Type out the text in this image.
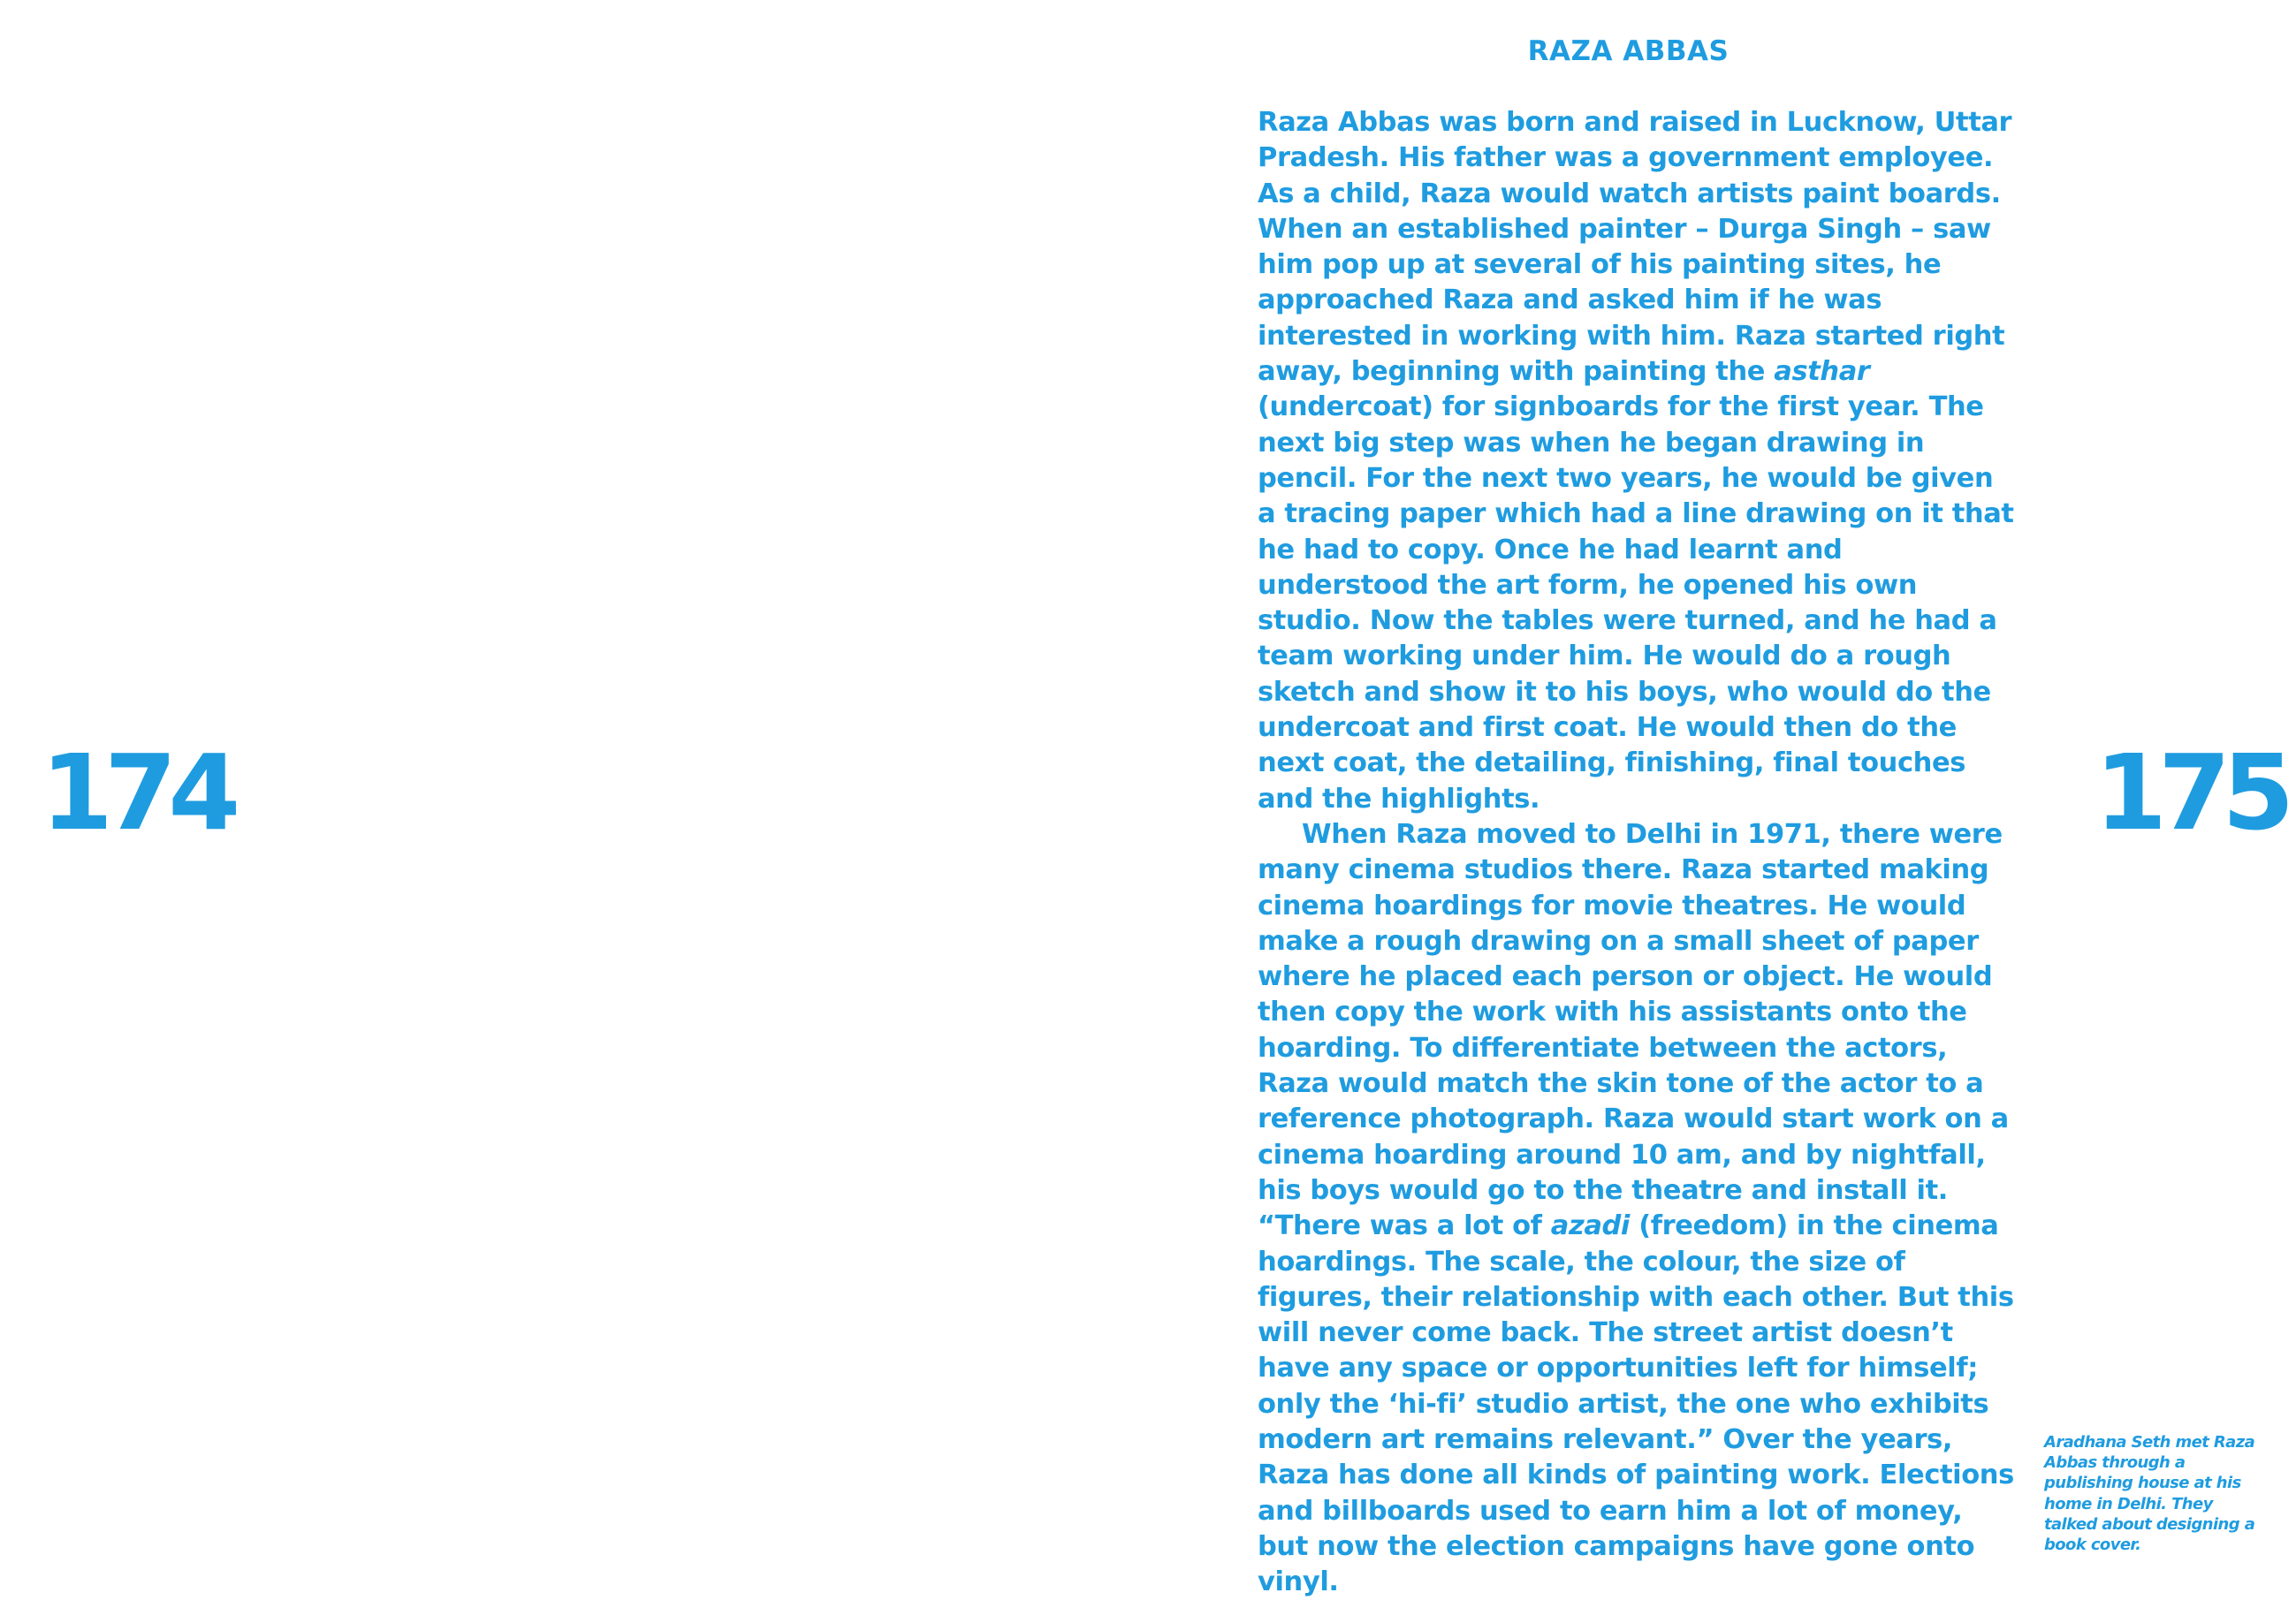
174
RAZA ABBAS

Raza Abbas was born and raised in Lucknow, Uttar Pradesh. His father was a government employee. As a child, Raza would watch artists paint boards. When an established painter – Durga Singh – saw him pop up at several of his painting sites, he approached Raza and asked him if he was interested in working with him. Raza started right away, beginning with painting the asthar (undercoat) for signboards for the first year. The next big step was when he began drawing in pencil. For the next two years, he would be given a tracing paper which had a line drawing on it that he had to copy. Once he had learnt and understood the art form, he opened his own studio. Now the tables were turned, and he had a team working under him. He would do a rough sketch and show it to his boys, who would do the undercoat and first coat. He would then do the next coat, the detailing, finishing, final touches and the highlights.

When Raza moved to Delhi in 1971, there were many cinema studios there. Raza started making cinema hoardings for movie theatres. He would make a rough drawing on a small sheet of paper where he placed each person or object. He would then copy the work with his assistants onto the hoarding. To differentiate between the actors, Raza would match the skin tone of the actor to a reference photograph. Raza would start work on a cinema hoarding around 10 am, and by nightfall, his boys would go to the theatre and install it. “There was a lot of azadi (freedom) in the cinema hoardings. The scale, the colour, the size of figures, their relationship with each other. But this will never come back. The street artist doesn’t have any space or opportunities left for himself; only the ‘hi-fi’ studio artist, the one who exhibits modern art remains relevant.” Over the years, Raza has done all kinds of painting work. Elections and billboards used to earn him a lot of money, but now the election campaigns have gone onto vinyl.

175
Aradhana Seth met Raza Abbas through a publishing house at his home in Delhi. They talked about designing a book cover.
